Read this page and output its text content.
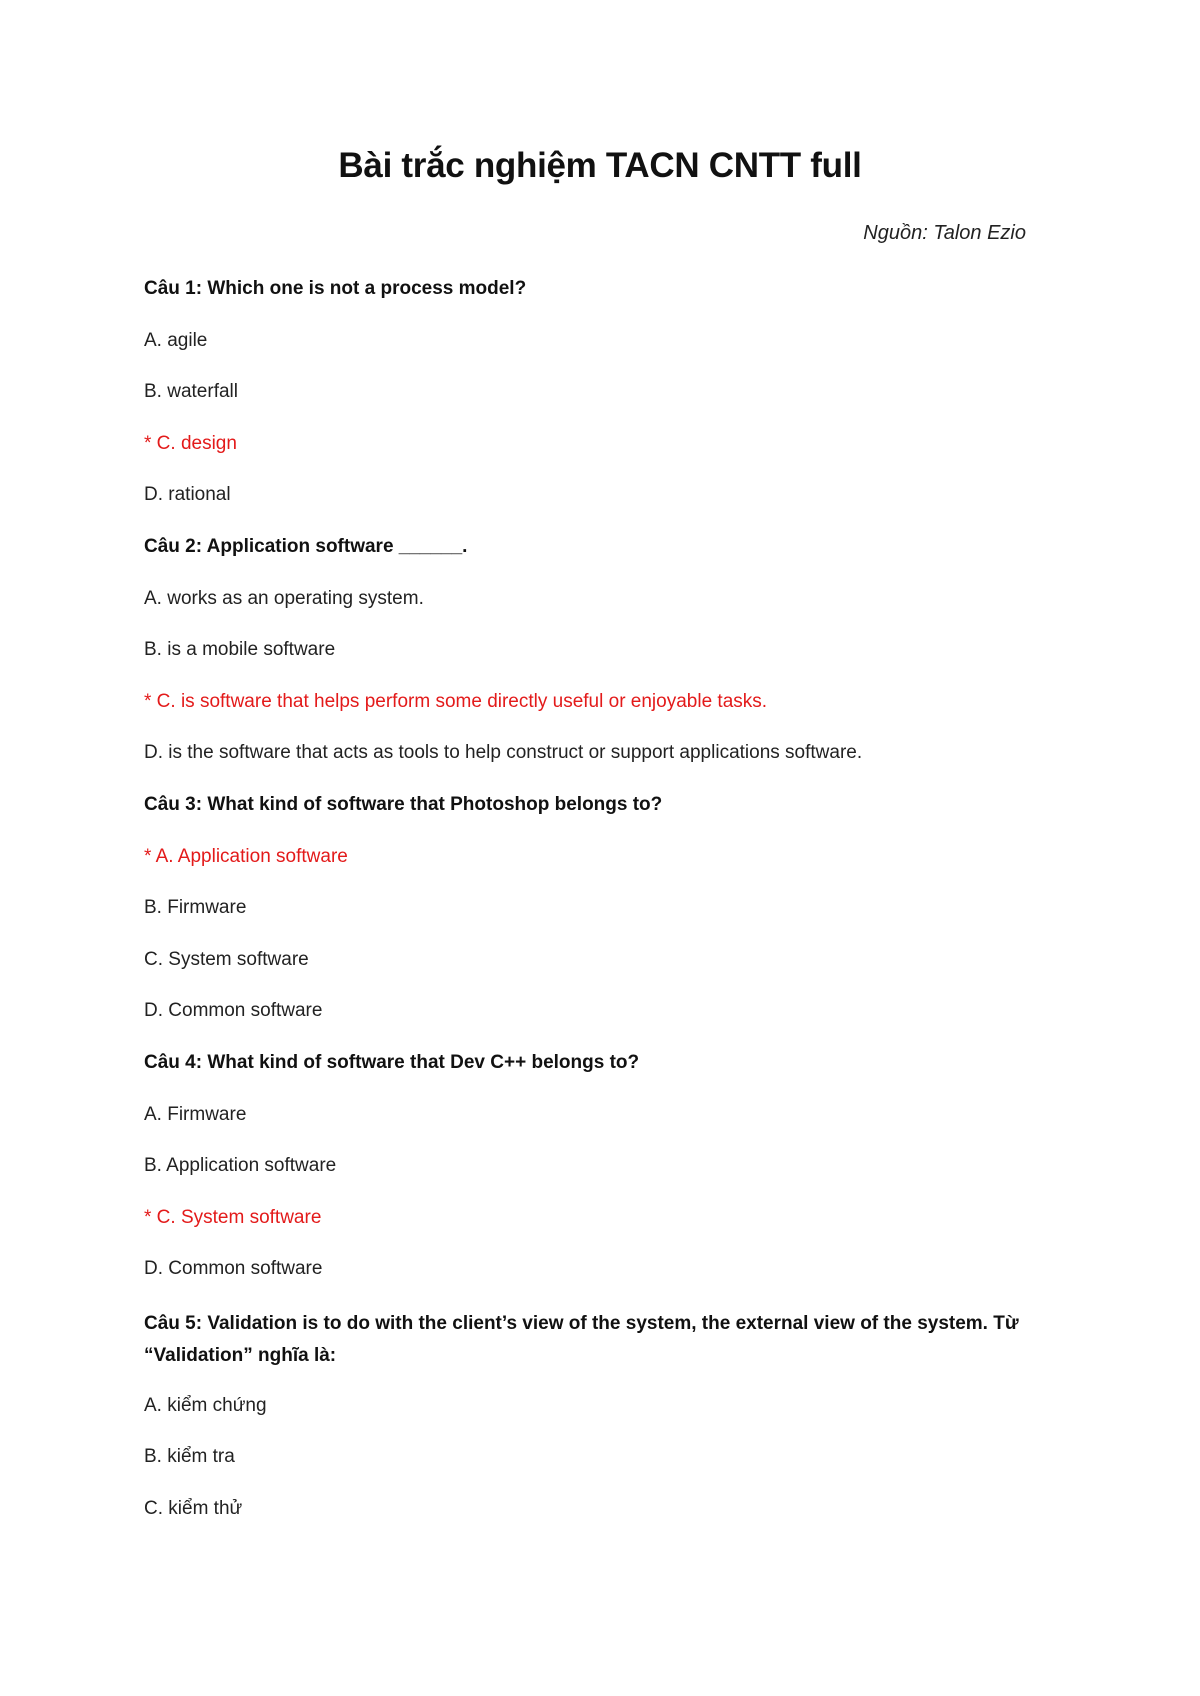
Bài trắc nghiệm TACN CNTT full
Nguồn: Talon Ezio
Câu 1: Which one is not a process model?
A. agile
B. waterfall
* C. design
D. rational
Câu 2: Application software ______.
A. works as an operating system.
B. is a mobile software
* C. is software that helps perform some directly useful or enjoyable tasks.
D. is the software that acts as tools to help construct or support applications software.
Câu 3: What kind of software that Photoshop belongs to?
* A. Application software
B. Firmware
C. System software
D. Common software
Câu 4: What kind of software that Dev C++ belongs to?
A. Firmware
B. Application software
* C. System software
D. Common software
Câu 5: Validation is to do with the client’s view of the system, the external view of the system. Từ “Validation” nghĩa là:
A. kiểm chứng
B. kiểm tra
C. kiểm thử
